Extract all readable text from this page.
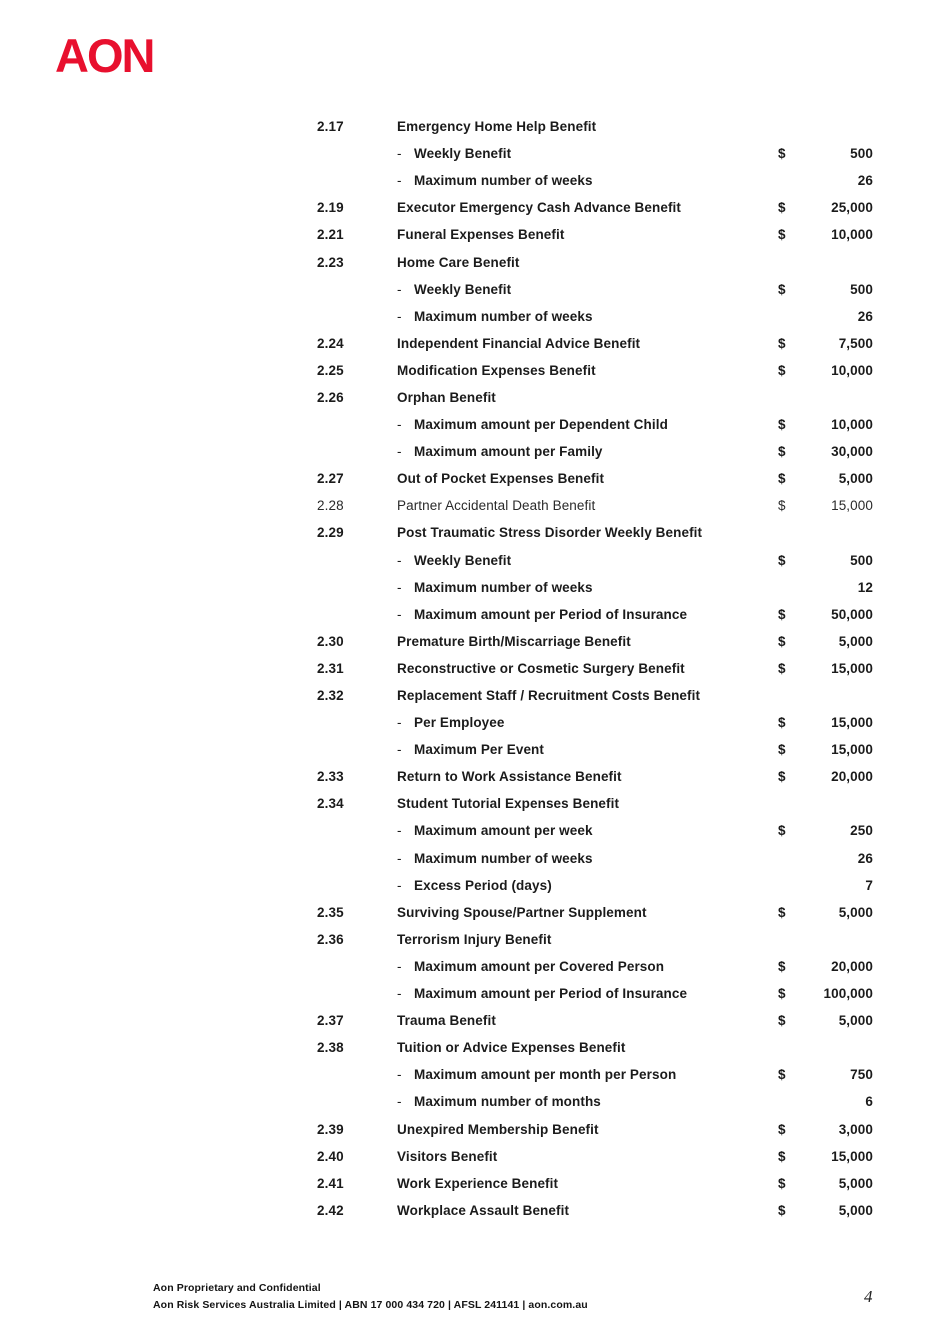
AON
2.17	Emergency Home Help Benefit
- Weekly Benefit	$	500
- Maximum number of weeks	26
2.19	Executor Emergency Cash Advance Benefit	$	25,000
2.21	Funeral Expenses Benefit	$	10,000
2.23	Home Care Benefit
- Weekly Benefit	$	500
- Maximum number of weeks	26
2.24	Independent Financial Advice Benefit	$	7,500
2.25	Modification Expenses Benefit	$	10,000
2.26	Orphan Benefit
- Maximum amount per Dependent Child	$	10,000
- Maximum amount per Family	$	30,000
2.27	Out of Pocket Expenses Benefit	$	5,000
2.28	Partner Accidental Death Benefit	$	15,000
2.29	Post Traumatic Stress Disorder Weekly Benefit
- Weekly Benefit	$	500
- Maximum number of weeks	12
- Maximum amount per Period of Insurance	$	50,000
2.30	Premature Birth/Miscarriage Benefit	$	5,000
2.31	Reconstructive or Cosmetic Surgery Benefit	$	15,000
2.32	Replacement Staff / Recruitment Costs Benefit
- Per Employee	$	15,000
- Maximum Per Event	$	15,000
2.33	Return to Work Assistance Benefit	$	20,000
2.34	Student Tutorial Expenses Benefit
- Maximum amount per week	$	250
- Maximum number of weeks	26
- Excess Period (days)	7
2.35	Surviving Spouse/Partner Supplement	$	5,000
2.36	Terrorism Injury Benefit
- Maximum amount per Covered Person	$	20,000
- Maximum amount per Period of Insurance	$	100,000
2.37	Trauma Benefit	$	5,000
2.38	Tuition or Advice Expenses Benefit
- Maximum amount per month per Person	$	750
- Maximum number of months	6
2.39	Unexpired Membership Benefit	$	3,000
2.40	Visitors Benefit	$	15,000
2.41	Work Experience Benefit	$	5,000
2.42	Workplace Assault Benefit	$	5,000
Aon Proprietary and Confidential
Aon Risk Services Australia Limited | ABN 17 000 434 720 | AFSL 241141 | aon.com.au	4
